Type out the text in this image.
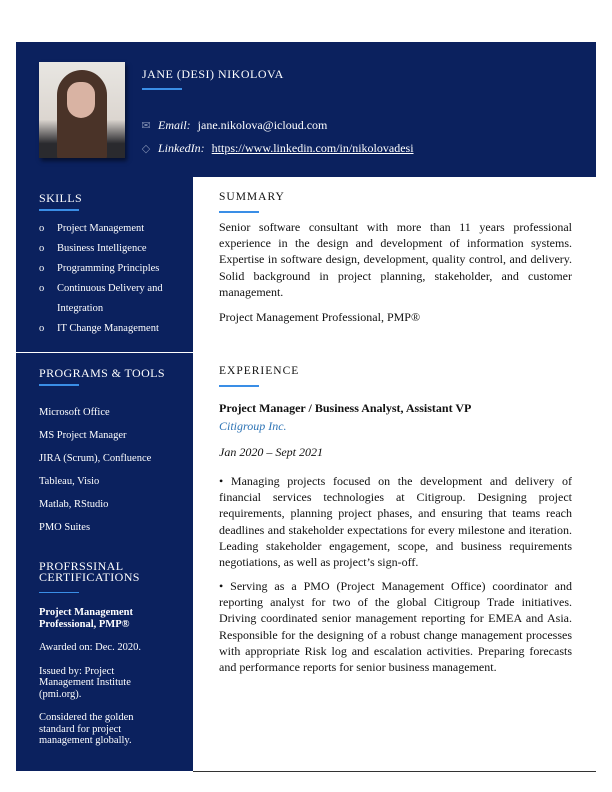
JANE (DESI) NIKOLOVA
✉ Email: jane.nikolova@icloud.com
◇ LinkedIn: https://www.linkedin.com/in/nikolovadesi
SKILLS
o	Project Management
o	Business Intelligence
o	Programming Principles
o	Continuous Delivery and Integration
o	IT Change Management
PROGRAMS & TOOLS
Microsoft Office
MS Project Manager
JIRA (Scrum), Confluence
Tableau, Visio
Matlab, RStudio
PMO Suites
PROFRSSINAL CERTIFICATIONS

Project Management Professional, PMP®

Awarded on: Dec. 2020.

Issued by: Project Management Institute (pmi.org).

Considered the golden standard for project management globally.

SUMMARY

Senior software consultant with more than 11 years professional experience in the design and development of information systems. Expertise in software design, development, quality control, and delivery. Solid background in project planning, stakeholder, and customer management.

Project Management Professional, PMP®

EXPERIENCE
Project Manager / Business Analyst, Assistant VP
Citigroup Inc.
Jan 2020 – Sept 2021

• Managing projects focused on the development and delivery of financial services technologies at Citigroup. Designing project requirements, planning project phases, and ensuring that teams reach deadlines and stakeholder expectations for every milestone and iteration. Leading stakeholder engagement, scope, and business requirements negotiations, as well as project’s sign-off.

• Serving as a PMO (Project Management Office) coordinator and reporting analyst for two of the global Citigroup Trade initiatives. Driving coordinated senior management reporting for EMEA and Asia. Responsible for the designing of a robust change management processes with appropriate Risk log and escalation activities. Preparing forecasts and performance reports for senior business management.
